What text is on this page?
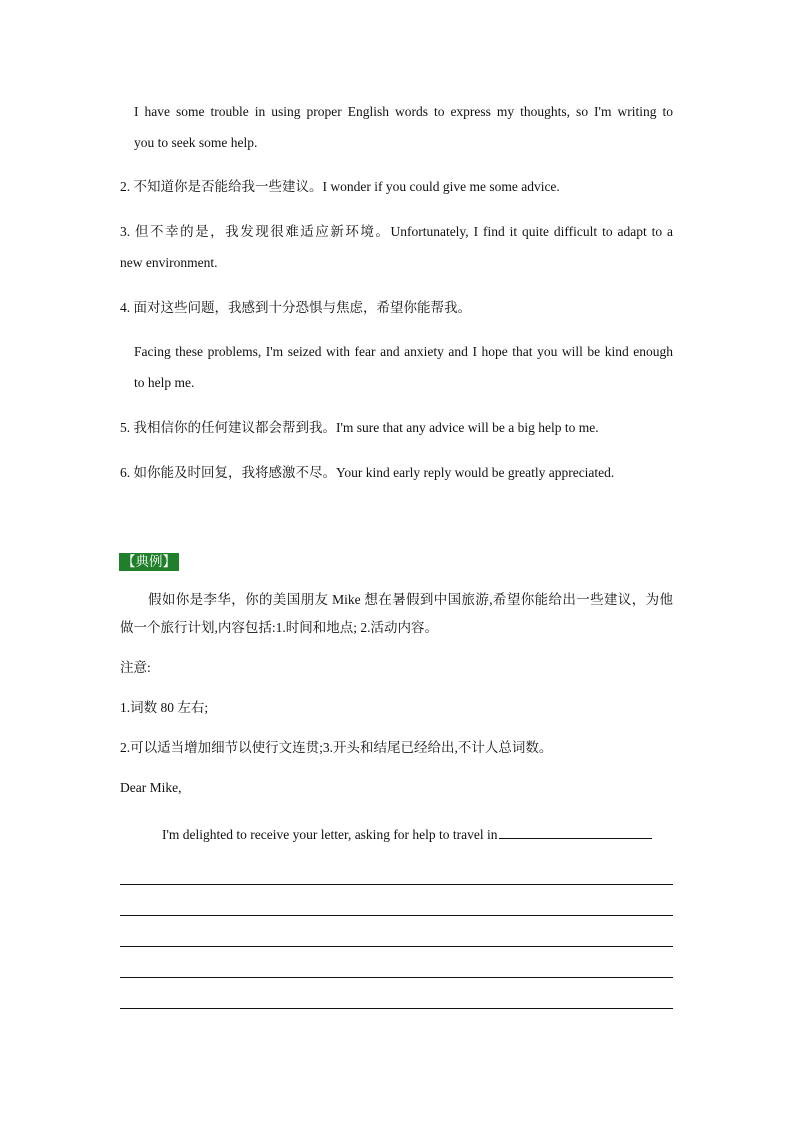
I have some trouble in using proper English words to express my thoughts, so I'm writing to
you to seek some help.
2. 不知道你是否能给我一些建议。I wonder if you could give me some advice.
3. 但不幸的是，我发现很难适应新环境。Unfortunately, I find it quite difficult to adapt to a
new environment.
4. 面对这些问题，我感到十分恐惧与焦虑，希望你能帮我。
Facing these problems, I'm seized with fear and anxiety and I hope that you will be kind enough
to help me.
5. 我相信你的任何建议都会帮到我。I'm sure that any advice will be a big help to me.
6. 如你能及时回复，我将感激不尽。Your kind early reply would be greatly appreciated.
【典例】
假如你是李华，你的美国朋友 Mike 想在暑假到中国旅游,希望你能给出一些建议，为他
做一个旅行计划,内容包括:1.时间和地点; 2.活动内容。
注意:
1.词数 80 左右;
2.可以适当增加细节以使行文连贯;3.开头和结尾已经给出,不计人总词数。
Dear Mike,
I'm delighted to receive your letter, asking for help to travel in
